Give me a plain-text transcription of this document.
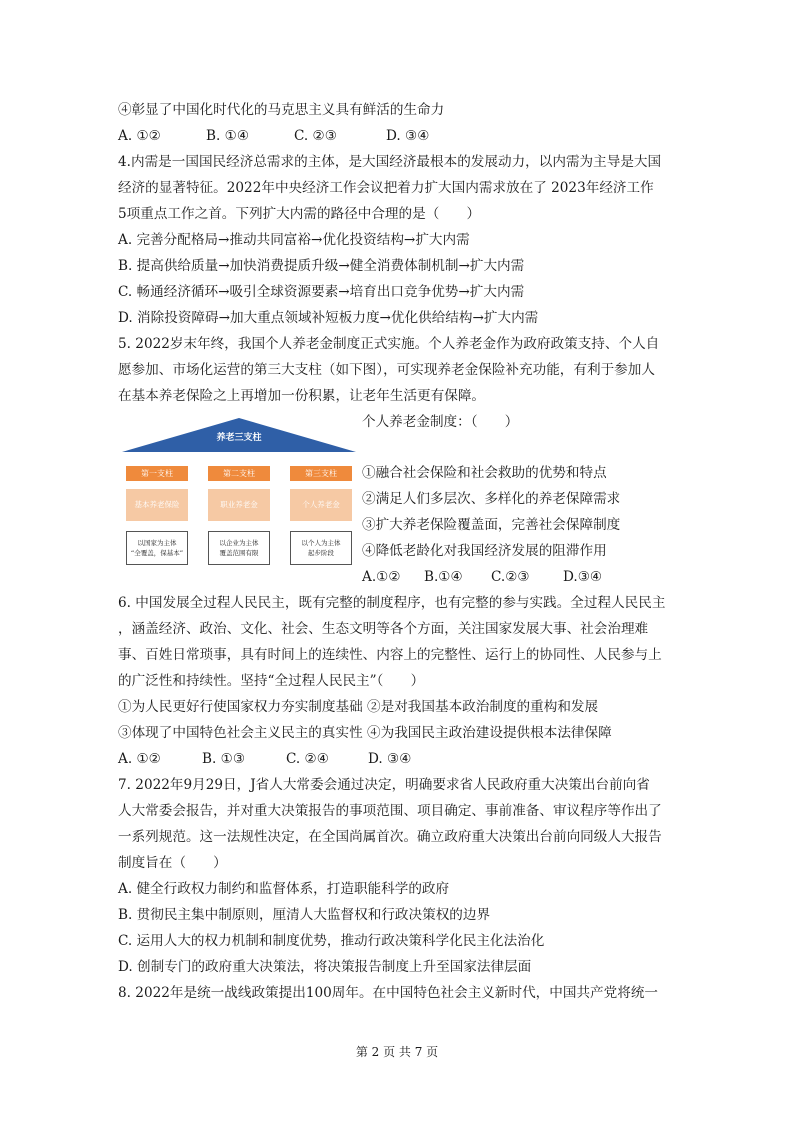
④彰显了中国化时代化的马克思主义具有鲜活的生命力
A. ①②	B. ①④	C. ②③	D. ③④
4.内需是一国国民经济总需求的主体，是大国经济最根本的发展动力，以内需为主导是大国
经济的显著特征。2022年中央经济工作会议把着力扩大国内需求放在了 2023年经济工作
5项重点工作之首。下列扩大内需的路径中合理的是（　　）
A. 完善分配格局→推动共同富裕→优化投资结构→扩大内需
B. 提高供给质量→加快消费提质升级→健全消费体制机制→扩大内需
C. 畅通经济循环→吸引全球资源要素→培育出口竞争优势→扩大内需
D. 消除投资障碍→加大重点领域补短板力度→优化供给结构→扩大内需
5. 2022岁末年终，我国个人养老金制度正式实施。个人养老金作为政府政策支持、个人自
愿参加、市场化运营的第三大支柱（如下图），可实现养老金保险补充功能，有利于参加人
在基本养老保险之上再增加一份积累，让老年生活更有保障。
养老三支柱
第一支柱
基本养老保险
以国家为主体
“全覆盖，保基本”
第二支柱
职业养老金
以企业为主体
覆盖范围有限
第三支柱
个人养老金
以个人为主体
起步阶段
个人养老金制度：（　　）
①融合社会保险和社会救助的优势和特点
②满足人们多层次、多样化的养老保障需求
③扩大养老保险覆盖面，完善社会保障制度
④降低老龄化对我国经济发展的阻滞作用
A.①② B.①④ C.②③ D.③④
6. 中国发展全过程人民民主，既有完整的制度程序，也有完整的参与实践。全过程人民民主
，涵盖经济、政治、文化、社会、生态文明等各个方面，关注国家发展大事、社会治理难
事、百姓日常琐事，具有时间上的连续性、内容上的完整性、运行上的协同性、人民参与上
的广泛性和持续性。坚持“全过程人民民主”（　　）
①为人民更好行使国家权力夯实制度基础 ②是对我国基本政治制度的重构和发展
③体现了中国特色社会主义民主的真实性 ④为我国民主政治建设提供根本法律保障
A. ①②	B. ①③	C. ②④	D. ③④
7. 2022年9月29日，J省人大常委会通过决定，明确要求省人民政府重大决策出台前向省
人大常委会报告，并对重大决策报告的事项范围、项目确定、事前准备、审议程序等作出了
一系列规范。这一法规性决定，在全国尚属首次。确立政府重大决策出台前向同级人大报告
制度旨在（　　）
A. 健全行政权力制约和监督体系，打造职能科学的政府
B. 贯彻民主集中制原则，厘清人大监督权和行政决策权的边界
C. 运用人大的权力机制和制度优势，推动行政决策科学化民主化法治化
D. 创制专门的政府重大决策法，将决策报告制度上升至国家法律层面
8. 2022年是统一战线政策提出100周年。在中国特色社会主义新时代，中国共产党将统一
第 2 页 共 7 页
